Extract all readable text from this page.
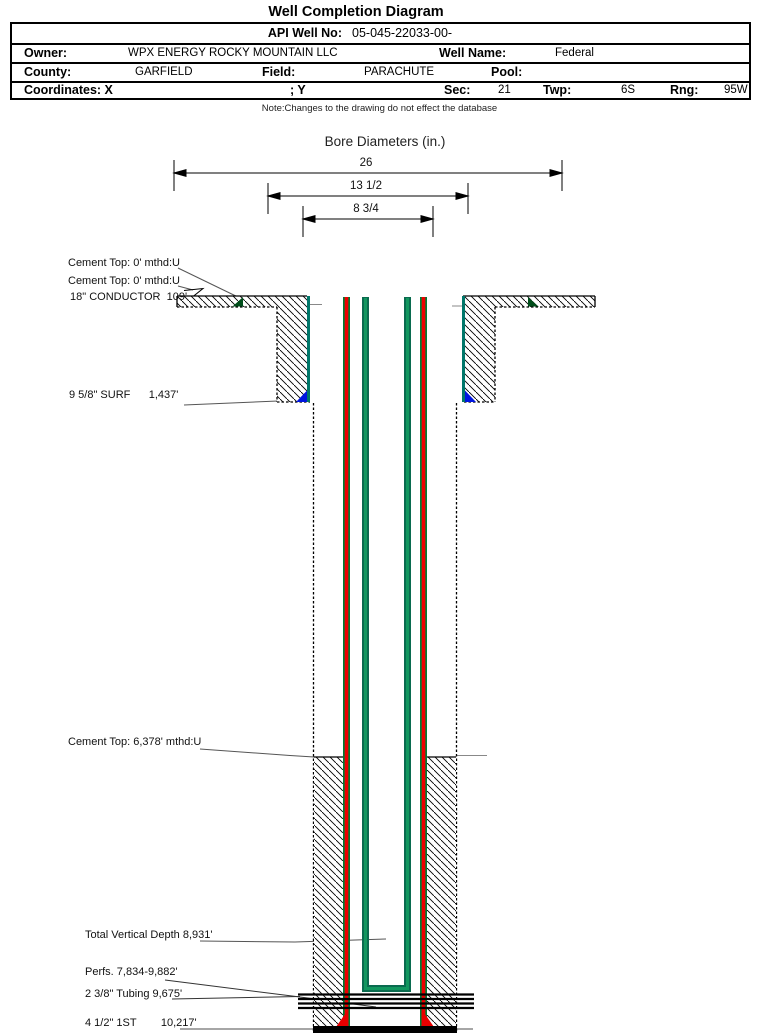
Well Completion Diagram
API Well No: 05-045-22033-00-
Owner:	WPX ENERGY ROCKY MOUNTAIN LLC	Well Name:	Federal
County:	GARFIELD	Field:	PARACHUTE	Pool:
Coordinates: X	; Y	Sec: 21	Twp:	6S	Rng: 95W
Note:Changes to the drawing do not effect the database
Bore Diameters (in.)
26
13 1/2
8 3/4
Cement Top: 0' mthd:U
Cement Top: 0' mthd:U
18" CONDUCTOR  109'
9 5/8" SURF      1,437'
Cement Top: 6,378' mthd:U
Total Vertical Depth 8,931'
Perfs. 7,834-9,882'
2 3/8" Tubing 9,675'
4 1/2" 1ST        10,217'
